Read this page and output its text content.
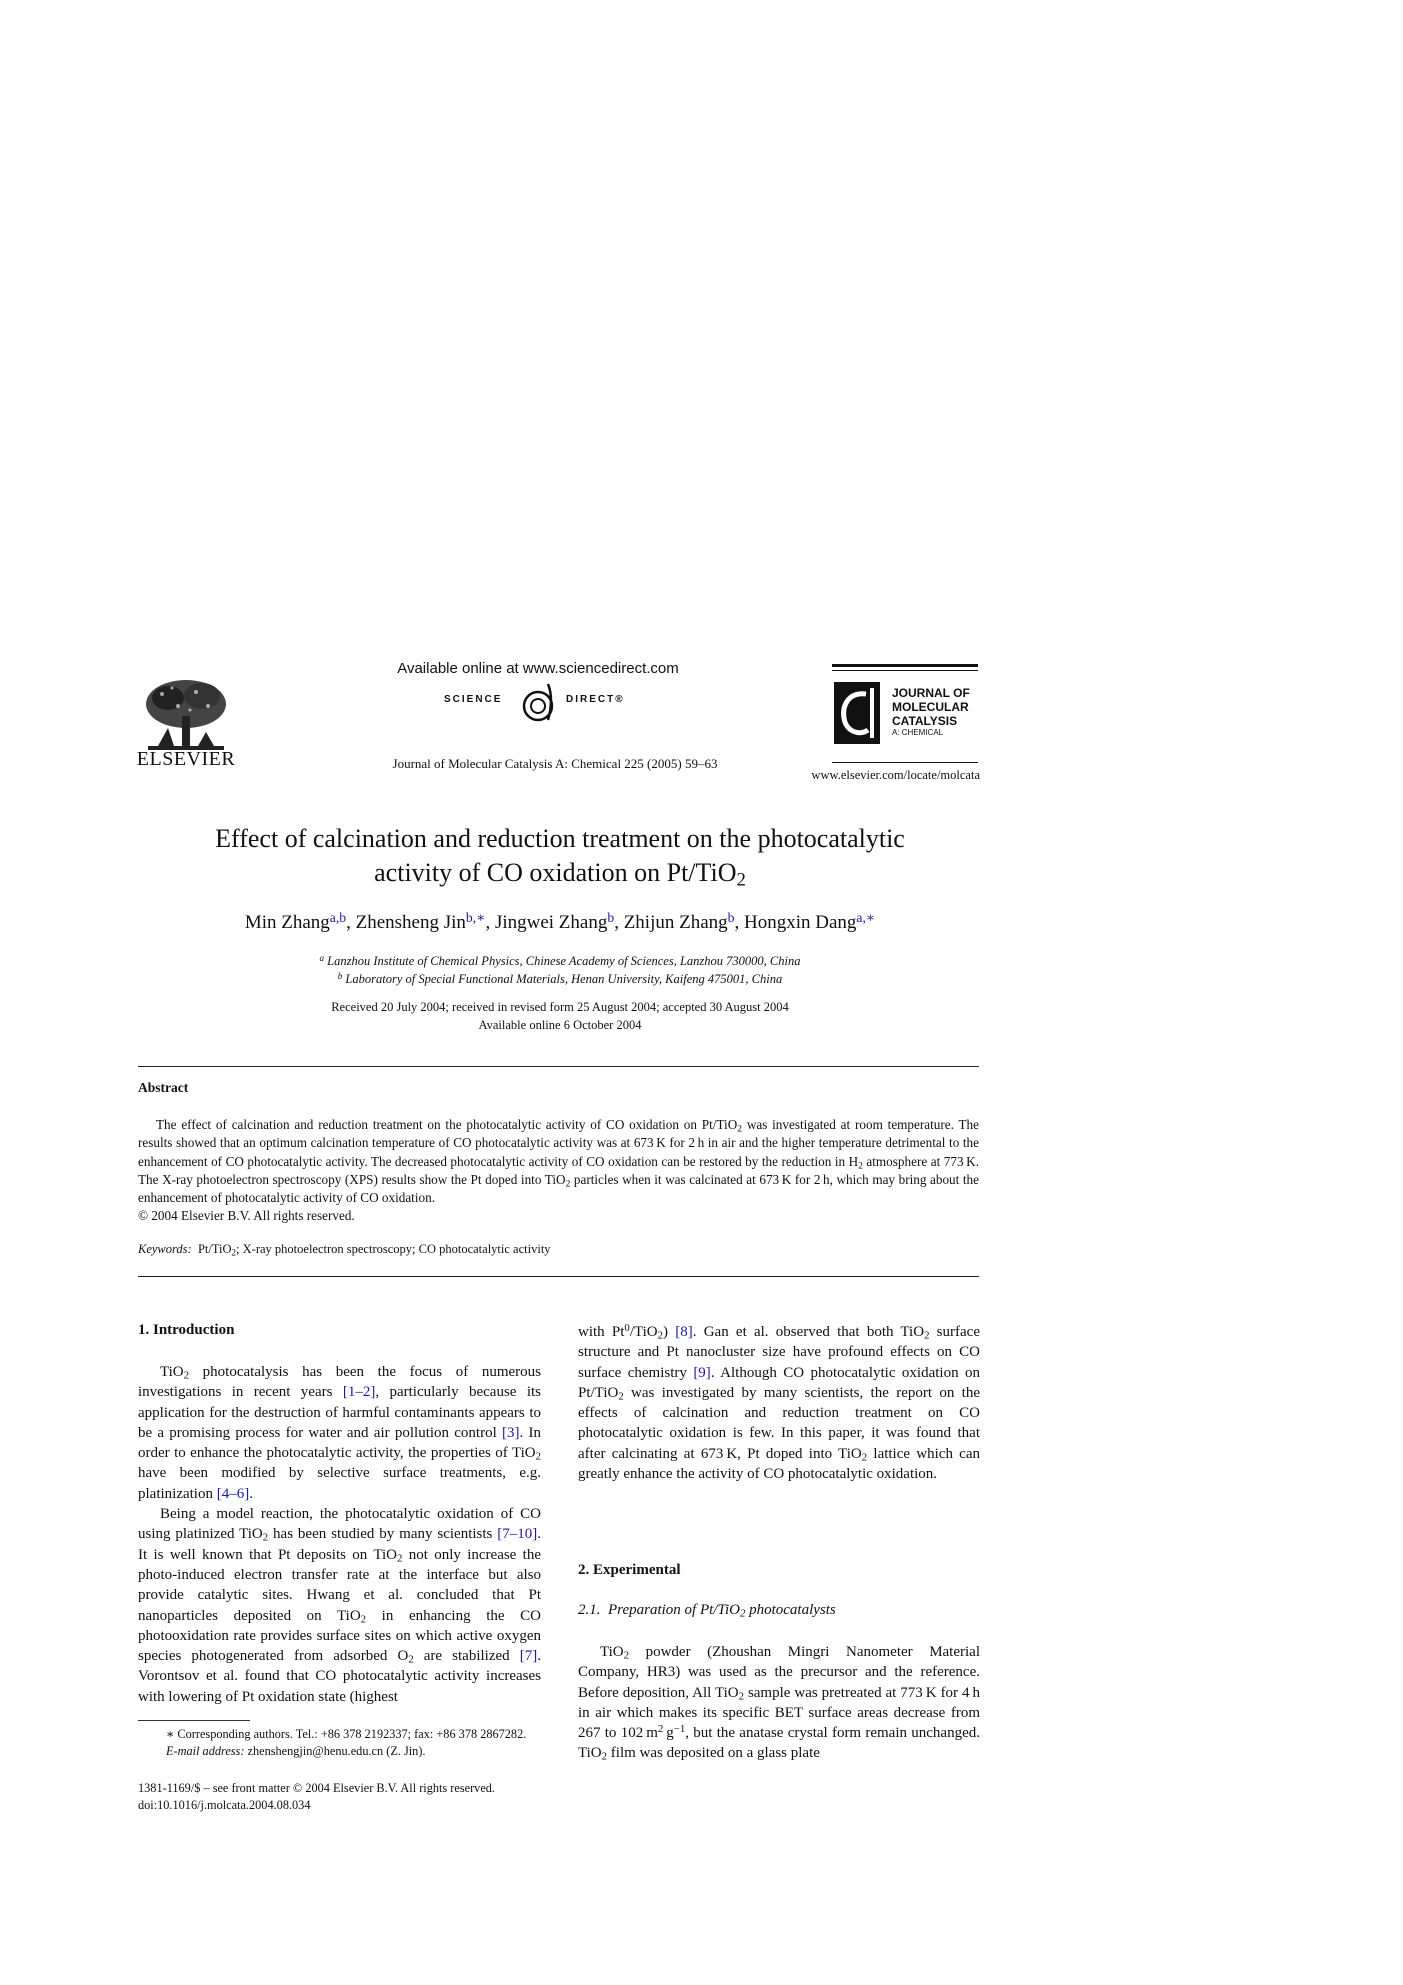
ELSEVIER
Available online at www.sciencedirect.com
SCIENCE	DIRECT®
Journal of Molecular Catalysis A: Chemical 225 (2005) 59–63
JOURNAL OF MOLECULAR CATALYSIS
A: CHEMICAL
www.elsevier.com/locate/molcata
Effect of calcination and reduction treatment on the photocatalytic
activity of CO oxidation on Pt/TiO$_2$
Min Zhang$^{a,b}$, Zhensheng Jin$^{b,∗}$, Jingwei Zhang$^b$, Zhijun Zhang$^b$, Hongxin Dang$^{a,∗}$
$^a$ Lanzhou Institute of Chemical Physics, Chinese Academy of Sciences, Lanzhou 730000, China
$^b$ Laboratory of Special Functional Materials, Henan University, Kaifeng 475001, China
Received 20 July 2004; received in revised form 25 August 2004; accepted 30 August 2004
Available online 6 October 2004
Abstract
The effect of calcination and reduction treatment on the photocatalytic activity of CO oxidation on Pt/TiO$_2$ was investigated at room temperature. The results showed that an optimum calcination temperature of CO photocatalytic activity was at 673 K for 2 h in air and the higher temperature detrimental to the enhancement of CO photocatalytic activity. The decreased photocatalytic activity of CO oxidation can be restored by the reduction in $H_2$ atmosphere at 773 K. The X-ray photoelectron spectroscopy (XPS) results show the Pt doped into TiO$_2$ particles when it was calcinated at 673 K for 2 h, which may bring about the enhancement of photocatalytic activity of CO oxidation.
© 2004 Elsevier B.V. All rights reserved.
Keywords: Pt/TiO$_2$; X-ray photoelectron spectroscopy; CO photocatalytic activity
1. Introduction

TiO$_2$ photocatalysis has been the focus of numerous investigations in recent years [1–2], particularly because its application for the destruction of harmful contaminants appears to be a promising process for water and air pollution control [3]. In order to enhance the photocatalytic activity, the properties of TiO$_2$ have been modified by selective surface treatments, e.g. platinization [4–6].

Being a model reaction, the photocatalytic oxidation of CO using platinized TiO$_2$ has been studied by many scientists [7–10]. It is well known that Pt deposits on TiO$_2$ not only increase the photo-induced electron transfer rate at the interface but also provide catalytic sites. Hwang et al. concluded that Pt nanoparticles deposited on TiO$_2$ in enhancing the CO photooxidation rate provides surface sites on which active oxygen species photogenerated from adsorbed $O_2$ are stabilized [7]. Vorontsov et al. found that CO photocatalytic activity increases with lowering of Pt oxidation state (highest

∗ Corresponding authors. Tel.: +86 378 2192337; fax: +86 378 2867282.
E-mail address: zhenshengjin@henu.edu.cn (Z. Jin).
1381-1169/$ – see front matter © 2004 Elsevier B.V. All rights reserved.
doi:10.1016/j.molcata.2004.08.034

with $Pt^0/TiO_2$) [8]. Gan et al. observed that both TiO$_2$ surface structure and Pt nanocluster size have profound effects on CO surface chemistry [9]. Although CO photocatalytic oxidation on Pt/TiO$_2$ was investigated by many scientists, the report on the effects of calcination and reduction treatment on CO photocatalytic oxidation is few. In this paper, it was found that after calcinating at 673 K, Pt doped into TiO$_2$ lattice which can greatly enhance the activity of CO photocatalytic oxidation.

2. Experimental
2.1.  Preparation of Pt/TiO$_2$ photocatalysts

TiO$_2$ powder (Zhoushan Mingri Nanometer Material Company, HR3) was used as the precursor and the reference. Before deposition, All TiO$_2$ sample was pretreated at 773 K for 4 h in air which makes its specific BET surface areas decrease from 267 to 102 $m^2$ $g^{-1}$, but the anatase crystal form remain unchanged. TiO$_2$ film was deposited on a glass plate
